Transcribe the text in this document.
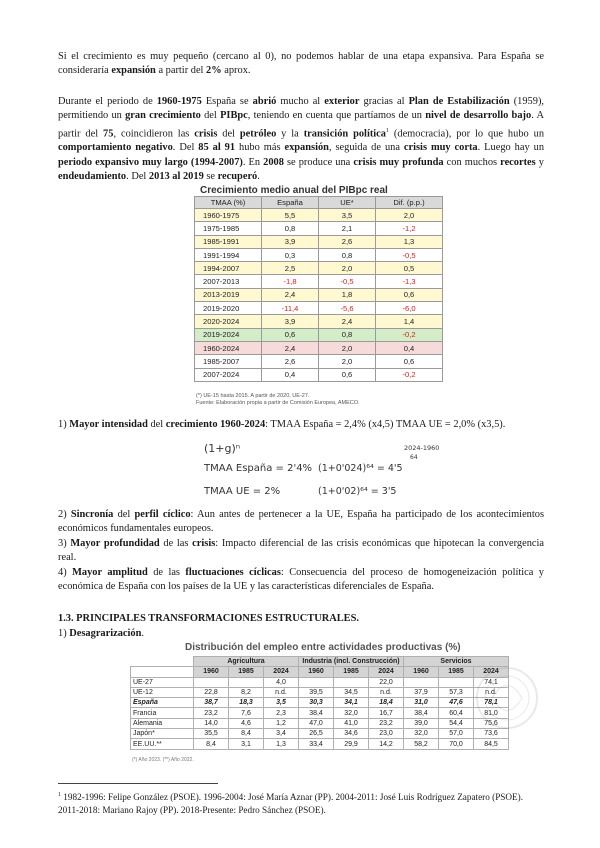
Si el crecimiento es muy pequeño (cercano al 0), no podemos hablar de una etapa expansiva. Para España se consideraría expansión a partir del 2% aprox.
Durante el periodo de 1960-1975 España se abrió mucho al exterior gracias al Plan de Estabilización (1959), permitiendo un gran crecimiento del PIBpc, teniendo en cuenta que partíamos de un nivel de desarrollo bajo. A partir del 75, coincidieron las crisis del petróleo y la transición política$^1$ (democracia), por lo que hubo un comportamiento negativo. Del 85 al 91 hubo más expansión, seguida de una crisis muy corta. Luego hay un periodo expansivo muy largo (1994-2007). En 2008 se produce una crisis muy profunda con muchos recortes y endeudamiento. Del 2013 al 2019 se recuperó.
Crecimiento medio anual del PIBpc real
TMAA (%)	España	UE*	Dif. (p.p.)
1960-1975	5,5	3,5	2,0
1975-1985	0,8	2,1	-1,2
1985-1991	3,9	2,6	1,3
1991-1994	0,3	0,8	-0,5
1994-2007	2,5	2,0	0,5
2007-2013	-1,8	-0,5	-1,3
2013-2019	2,4	1,8	0,6
2019-2020	-11,4	-5,6	-6,0
2020-2024	3,9	2,4	1,4
2019-2024	0,6	0,8	-0,2
1960-2024	2,4	2,0	0,4
1985-2007	2,6	2,0	0,6
2007-2024	0,4	0,6	-0,2
(*) UE-15 hasta 2015. A partir de 2020, UE-27.
Fuente: Elaboración propia a partir de Comisión Europea, AMECO.
1) Mayor intensidad del crecimiento 1960-2024: TMAA España = 2,4% (x4,5) TMAA UE = 2,0% (x3,5).
(1+g)ⁿ	2024-1960
64
TMAA España = 2'4% (1+0'024)⁶⁴ = 4'5
TMAA UE = 2%	(1+0'02)⁶⁴ = 3'5
2) Sincronía del perfil cíclico: Aun antes de pertenecer a la UE, España ha participado de los acontecimientos económicos fundamentales europeos.
3) Mayor profundidad de las crisis: Impacto diferencial de las crisis económicas que hipotecan la convergencia real.
4) Mayor amplitud de las fluctuaciones cíclicas: Consecuencia del proceso de homogeneización política y económica de España con los países de la UE y las características diferenciales de España.
1.3. PRINCIPALES TRANSFORMACIONES ESTRUCTURALES.
1) Desagrarización.
Distribución del empleo entre actividades productivas (%)
	Agricultura			Industria (incl. Construcción)			Servicios		
	1960	1985	2024	1960	1985	2024	1960	1985	2024
UE-27			4,0			22,0			74,1
UE-12	22,8	8,2	n.d.	39,5	34,5	n.d.	37,9	57,3	n.d.
España	38,7	18,3	3,5	30,3	34,1	18,4	31,0	47,6	78,1
Francia	23,2	7,6	2,3	38,4	32,0	16,7	38,4	60,4	81,0
Alemania	14,0	4,6	1,2	47,0	41,0	23,2	39,0	54,4	75,6
Japón*	35,5	8,4	3,4	26,5	34,6	23,0	32,0	57,0	73,6
EE.UU.**	8,4	3,1	1,3	33,4	29,9	14,2	58,2	70,0	84,5
(*) Año 2023. (**) Año 2022.
$^1$ 1982-1996: Felipe González (PSOE). 1996-2004: José María Aznar (PP). 2004-2011: José Luis Rodríguez Zapatero (PSOE). 2011-2018: Mariano Rajoy (PP). 2018-Presente: Pedro Sánchez (PSOE).
